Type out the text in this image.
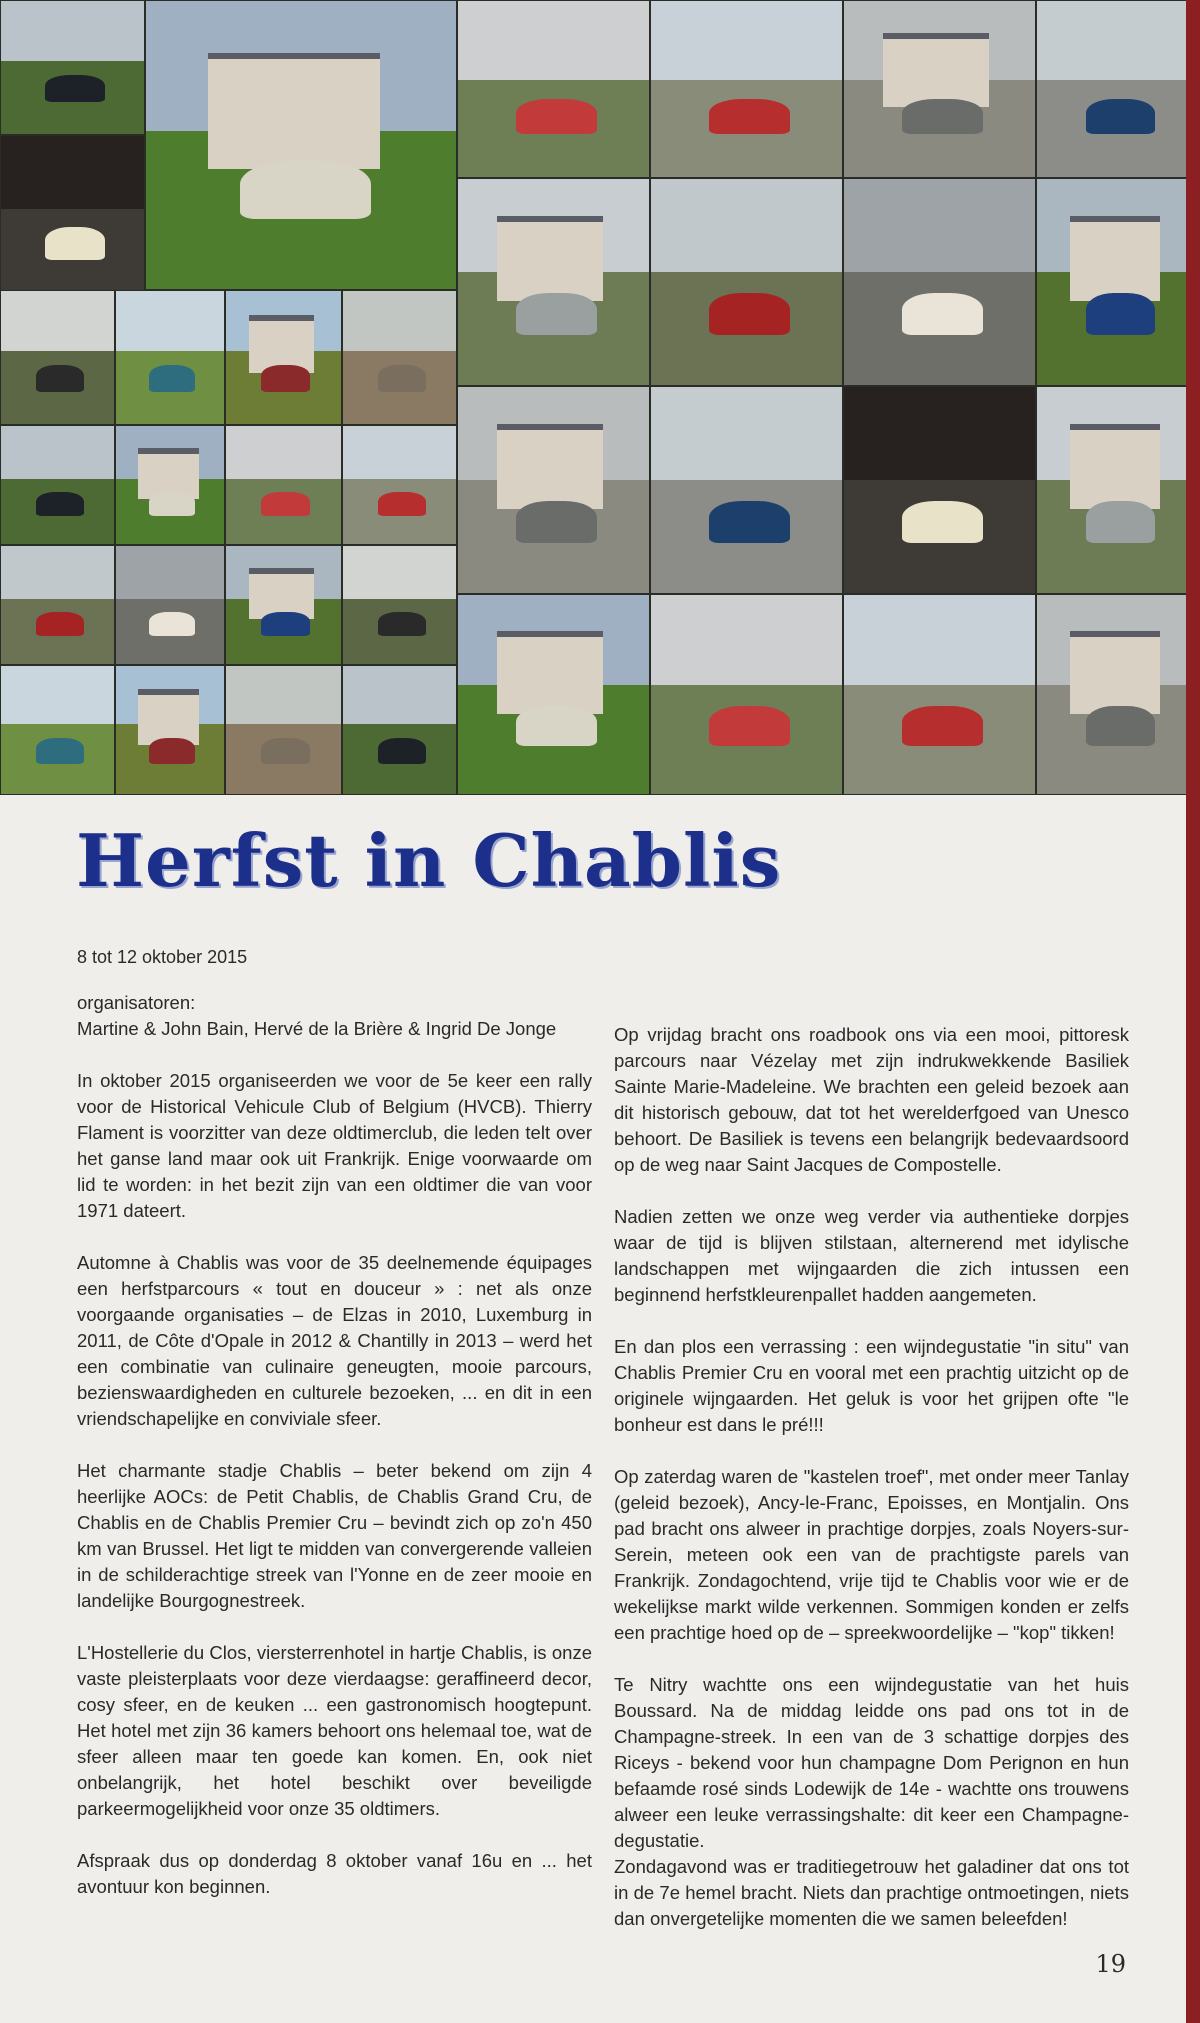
Herfst in Chablis
8 tot 12 oktober 2015

organisatoren:

Martine & John Bain, Hervé de la Brière & Ingrid De Jonge

In oktober 2015 organiseerden we voor de 5e keer een rally voor de Historical Vehicule Club of Belgium (HVCB). Thierry Flament is voorzitter van deze oldtimerclub, die leden telt over het ganse land maar ook uit Frankrijk. Enige voorwaarde om lid te worden: in het bezit zijn van een oldtimer die van voor 1971 dateert.

Automne à Chablis was voor de 35 deelnemende équipages een herfstparcours « tout en douceur » : net als onze voorgaande organisaties – de Elzas in 2010, Luxemburg in 2011, de Côte d'Opale in 2012 & Chantilly in 2013 – werd het een combinatie van culinaire geneugten, mooie parcours, bezienswaardigheden en culturele bezoeken, ... en dit in een vriendschapelijke en conviviale sfeer.

Het charmante stadje Chablis – beter bekend om zijn 4 heerlijke AOCs: de Petit Chablis, de Chablis Grand Cru, de Chablis en de Chablis Premier Cru – bevindt zich op zo'n 450 km van Brussel. Het ligt te midden van convergerende valleien in de schilderachtige streek van l'Yonne en de zeer mooie en landelijke Bourgognestreek.

L'Hostellerie du Clos, viersterrenhotel in hartje Chablis, is onze vaste pleisterplaats voor deze vierdaagse: geraffineerd decor, cosy sfeer, en de keuken ... een gastronomisch hoogtepunt. Het hotel met zijn 36 kamers behoort ons helemaal toe, wat de sfeer alleen maar ten goede kan komen. En, ook niet onbelangrijk, het hotel beschikt over beveiligde parkeermogelijkheid voor onze 35 oldtimers.

Afspraak dus op donderdag 8 oktober vanaf 16u en ... het avontuur kon beginnen.

Op vrijdag bracht ons roadbook ons via een mooi, pittoresk parcours naar Vézelay met zijn indrukwekkende Basiliek Sainte Marie-Madeleine. We brachten een geleid bezoek aan dit historisch gebouw, dat tot het werelderfgoed van Unesco behoort. De Basiliek is tevens een belangrijk bedevaardsoord op de weg naar Saint Jacques de Compostelle.

Nadien zetten we onze weg verder via authentieke dorpjes waar de tijd is blijven stilstaan, alternerend met idylische landschappen met wijngaarden die zich intussen een beginnend herfstkleurenpallet hadden aangemeten.

En dan plos een verrassing : een wijndegustatie "in situ" van Chablis Premier Cru en vooral met een prachtig uitzicht op de originele wijngaarden. Het geluk is voor het grijpen ofte "le bonheur est dans le pré!!!

Op zaterdag waren de "kastelen troef", met onder meer Tanlay (geleid bezoek), Ancy-le-Franc, Epoisses, en Montjalin. Ons pad bracht ons alweer in prachtige dorpjes, zoals Noyers-sur-Serein, meteen ook een van de prachtigste parels van Frankrijk. Zondagochtend, vrije tijd te Chablis voor wie er de wekelijkse markt wilde verkennen. Sommigen konden er zelfs een prachtige hoed op de – spreekwoordelijke – "kop" tikken!

Te Nitry wachtte ons een wijndegustatie van het huis Boussard. Na de middag leidde ons pad ons tot in de Champagne-streek. In een van de 3 schattige dorpjes des Riceys - bekend voor hun champagne Dom Perignon en hun befaamde rosé sinds Lodewijk de 14e - wachtte ons trouwens alweer een leuke verrassingshalte: dit keer een Champagne-degustatie.

Zondagavond was er traditiegetrouw het galadiner dat ons tot in de 7e hemel bracht. Niets dan prachtige ontmoetingen, niets dan onvergetelijke momenten die we samen beleefden!

19
